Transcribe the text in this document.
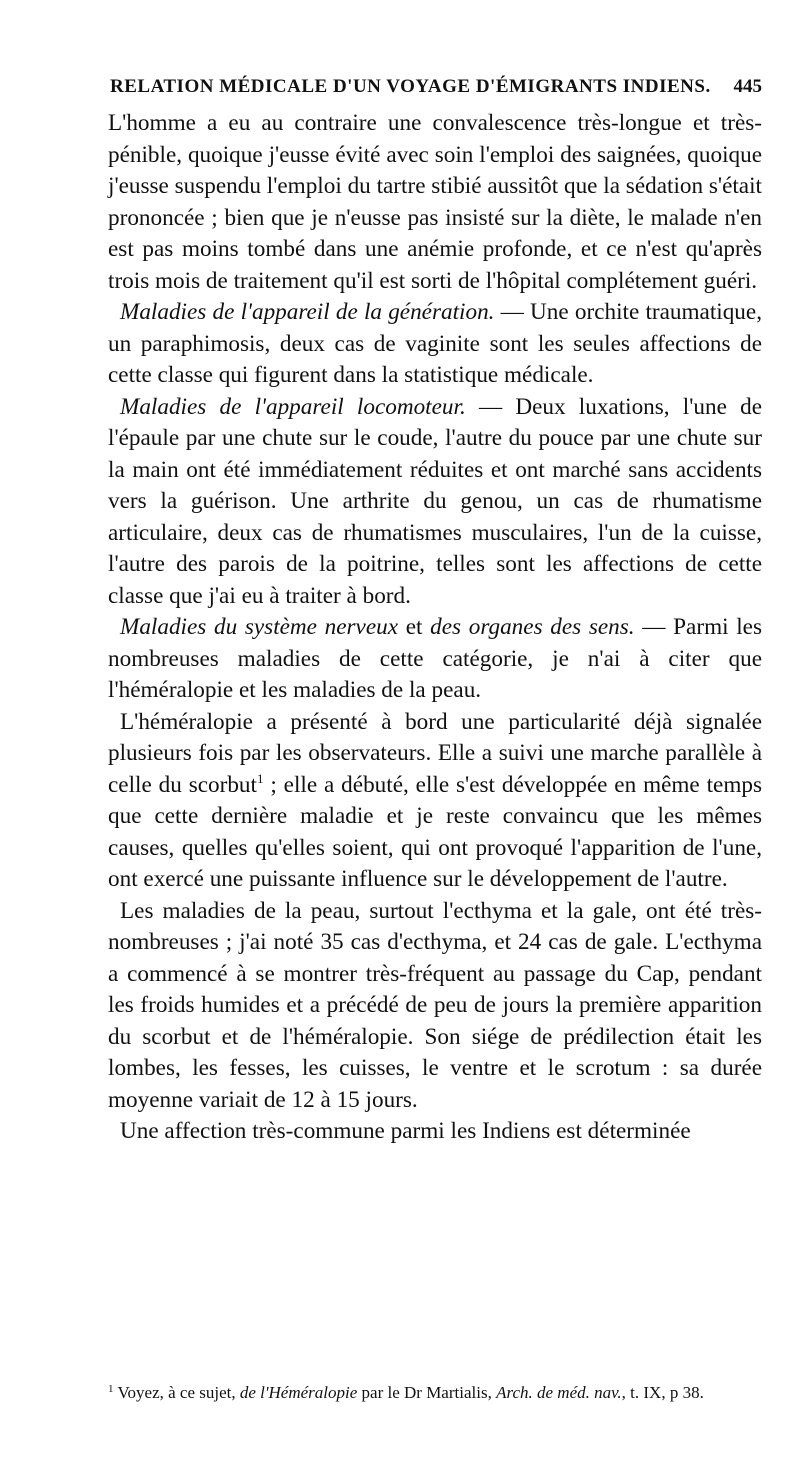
RELATION MÉDICALE D'UN VOYAGE D'ÉMIGRANTS INDIENS. 445

L'homme a eu au contraire une convalescence très-longue et très-pénible, quoique j'eusse évité avec soin l'emploi des saignées, quoique j'eusse suspendu l'emploi du tartre stibié aussitôt que la sédation s'était prononcée ; bien que je n'eusse pas insisté sur la diète, le malade n'en est pas moins tombé dans une anémie profonde, et ce n'est qu'après trois mois de traitement qu'il est sorti de l'hôpital complétement guéri.

Maladies de l'appareil de la génération. — Une orchite traumatique, un paraphimosis, deux cas de vaginite sont les seules affections de cette classe qui figurent dans la statistique médicale.

Maladies de l'appareil locomoteur. — Deux luxations, l'une de l'épaule par une chute sur le coude, l'autre du pouce par une chute sur la main ont été immédiatement réduites et ont marché sans accidents vers la guérison. Une arthrite du genou, un cas de rhumatisme articulaire, deux cas de rhumatismes musculaires, l'un de la cuisse, l'autre des parois de la poitrine, telles sont les affections de cette classe que j'ai eu à traiter à bord.

Maladies du système nerveux et des organes des sens. — Parmi les nombreuses maladies de cette catégorie, je n'ai à citer que l'héméralopie et les maladies de la peau.

L'héméralopie a présenté à bord une particularité déjà signalée plusieurs fois par les observateurs. Elle a suivi une marche parallèle à celle du scorbut$^1$ ; elle a débuté, elle s'est développée en même temps que cette dernière maladie et je reste convaincu que les mêmes causes, quelles qu'elles soient, qui ont provoqué l'apparition de l'une, ont exercé une puissante influence sur le développement de l'autre.

Les maladies de la peau, surtout l'ecthyma et la gale, ont été très-nombreuses ; j'ai noté 35 cas d'ecthyma, et 24 cas de gale. L'ecthyma a commencé à se montrer très-fréquent au passage du Cap, pendant les froids humides et a précédé de peu de jours la première apparition du scorbut et de l'héméralopie. Son siége de prédilection était les lombes, les fesses, les cuisses, le ventre et le scrotum : sa durée moyenne variait de 12 à 15 jours.

Une affection très-commune parmi les Indiens est déterminée

$^1$ Voyez, à ce sujet, de l'Héméralopie par le Dr Martialis, Arch. de méd. nav., t. IX, p 38.
